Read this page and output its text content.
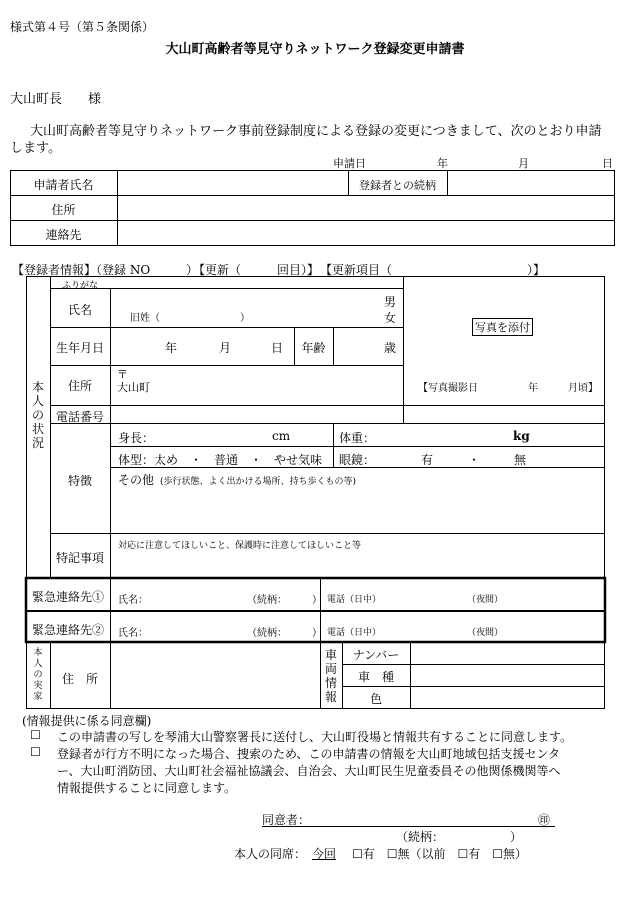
様式第４号（第５条関係）
大山町高齢者等見守りネットワーク登録変更申請書
大山町長　　様
大山町高齢者等見守りネットワーク事前登録制度による登録の変更につきまして、次のとおり申請
します。
申請日	年	月	日
申請者氏名	登録者との続柄
住所
連絡先
【登録者情報】（登録 NO　　　）
【更新（　　　回目）】 【更新項目（	）】
本人の状況
ふりがな
氏名
旧姓（　　　　　　　　）
男
女
写真を添付
生年月日	年	月	日	年齢	歳
住所
〒
大山町	【写真撮影日　　　　　年　　　月頃】
電話番号
特徴
身長：	cm	体重：	kg
体型：太め　・　普通　・　やせ気味 眼鏡：	有	・	無
その他 (歩行状態、よく出かける場所、持ち歩くもの等)
特記事項
対応に注意してほしいこと、保護時に注意してほしいこと等
緊急連絡先①	氏名：	（続柄：　　　） 電話（日中）	（夜間）
緊急連絡先②	氏名：	（続柄：　　　） 電話（日中）	（夜間）
本人の実家
住　所
車両情報
ナンバー
車　種
色
(情報提供に係る同意欄)
☐ この申請書の写しを琴浦大山警察署長に送付し、大山町役場と情報共有することに同意します。
☐ 登録者が行方不明になった場合、捜索のため、この申請書の情報を大山町地域包括支援センタ
ー、大山町消防団、大山町社会福祉協議会、自治会、大山町民生児童委員その他関係機関等へ
情報提供することに同意します。
同意者：	㊞
（続柄：　　　　　　）
本人の同席： 今回 ☐有　☐無（以前　☐有　☐無）
